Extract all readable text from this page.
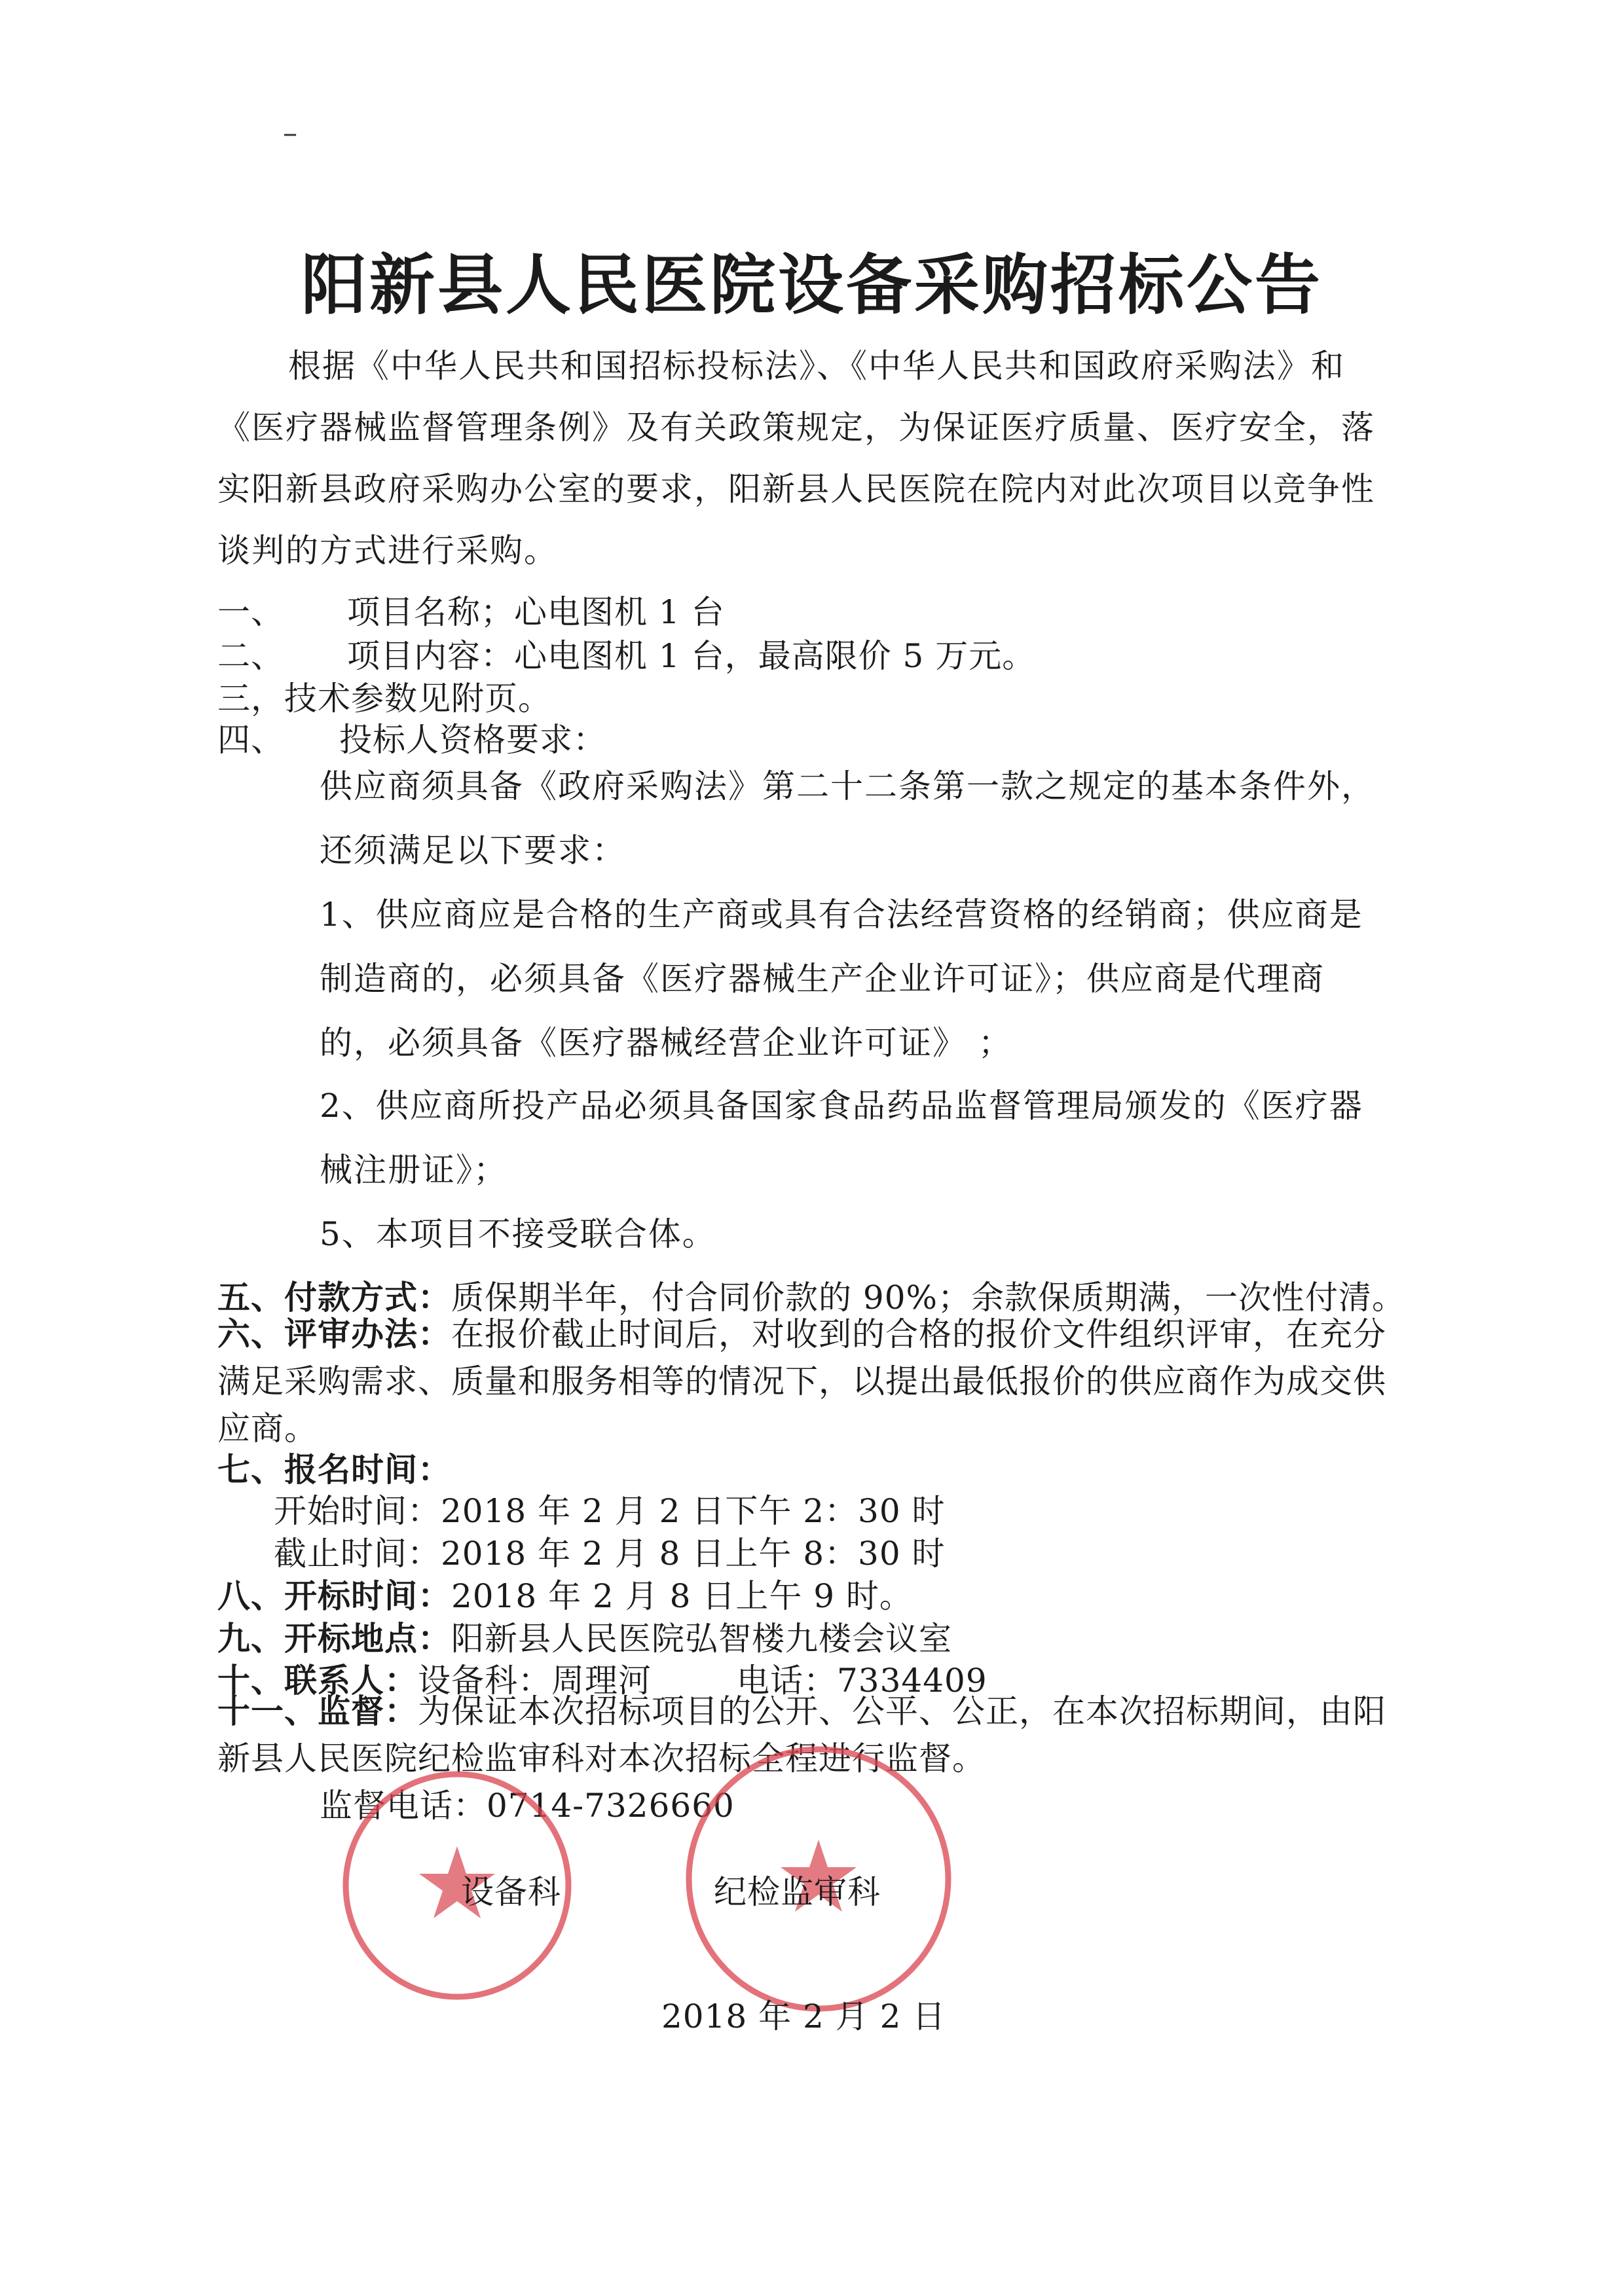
–
阳新县人民医院设备采购招标公告
根据《中华人民共和国招标投标法》、《中华人民共和国政府采购法》和《医疗器械监督管理条例》及有关政策规定，为保证医疗质量、医疗安全，落实阳新县政府采购办公室的要求，阳新县人民医院在院内对此次项目以竞争性谈判的方式进行采购。
一、 项目名称；心电图机 1 台
二、 项目内容：心电图机 1 台，最高限价 5 万元。
三，技术参数见附页。
四、 投标人资格要求：
供应商须具备《政府采购法》第二十二条第一款之规定的基本条件外，还须满足以下要求：
1、供应商应是合格的生产商或具有合法经营资格的经销商；供应商是制造商的，必须具备《医疗器械生产企业许可证》；供应商是代理商的，必须具备《医疗器械经营企业许可证》 ；
2、供应商所投产品必须具备国家食品药品监督管理局颁发的《医疗器械注册证》；
5、本项目不接受联合体。
五、付款方式：质保期半年，付合同价款的 90%；余款保质期满，一次性付清。
六、评审办法：在报价截止时间后，对收到的合格的报价文件组织评审，在充分满足采购需求、质量和服务相等的情况下，以提出最低报价的供应商作为成交供应商。
七、报名时间：
开始时间：2018 年 2 月 2 日下午 2：30 时
截止时间：2018 年 2 月 8 日上午 8：30 时
八、开标时间：2018 年 2 月 8 日上午 9 时。
九、开标地点：阳新县人民医院弘智楼九楼会议室
十、联系人：设备科：周理河	电话：7334409
十一、监督：为保证本次招标项目的公开、公平、公正，在本次招标期间，由阳新县人民医院纪检监审科对本次招标全程进行监督。
监督电话：0714-7326660
设备科	纪检监审科
2018 年 2 月 2 日
